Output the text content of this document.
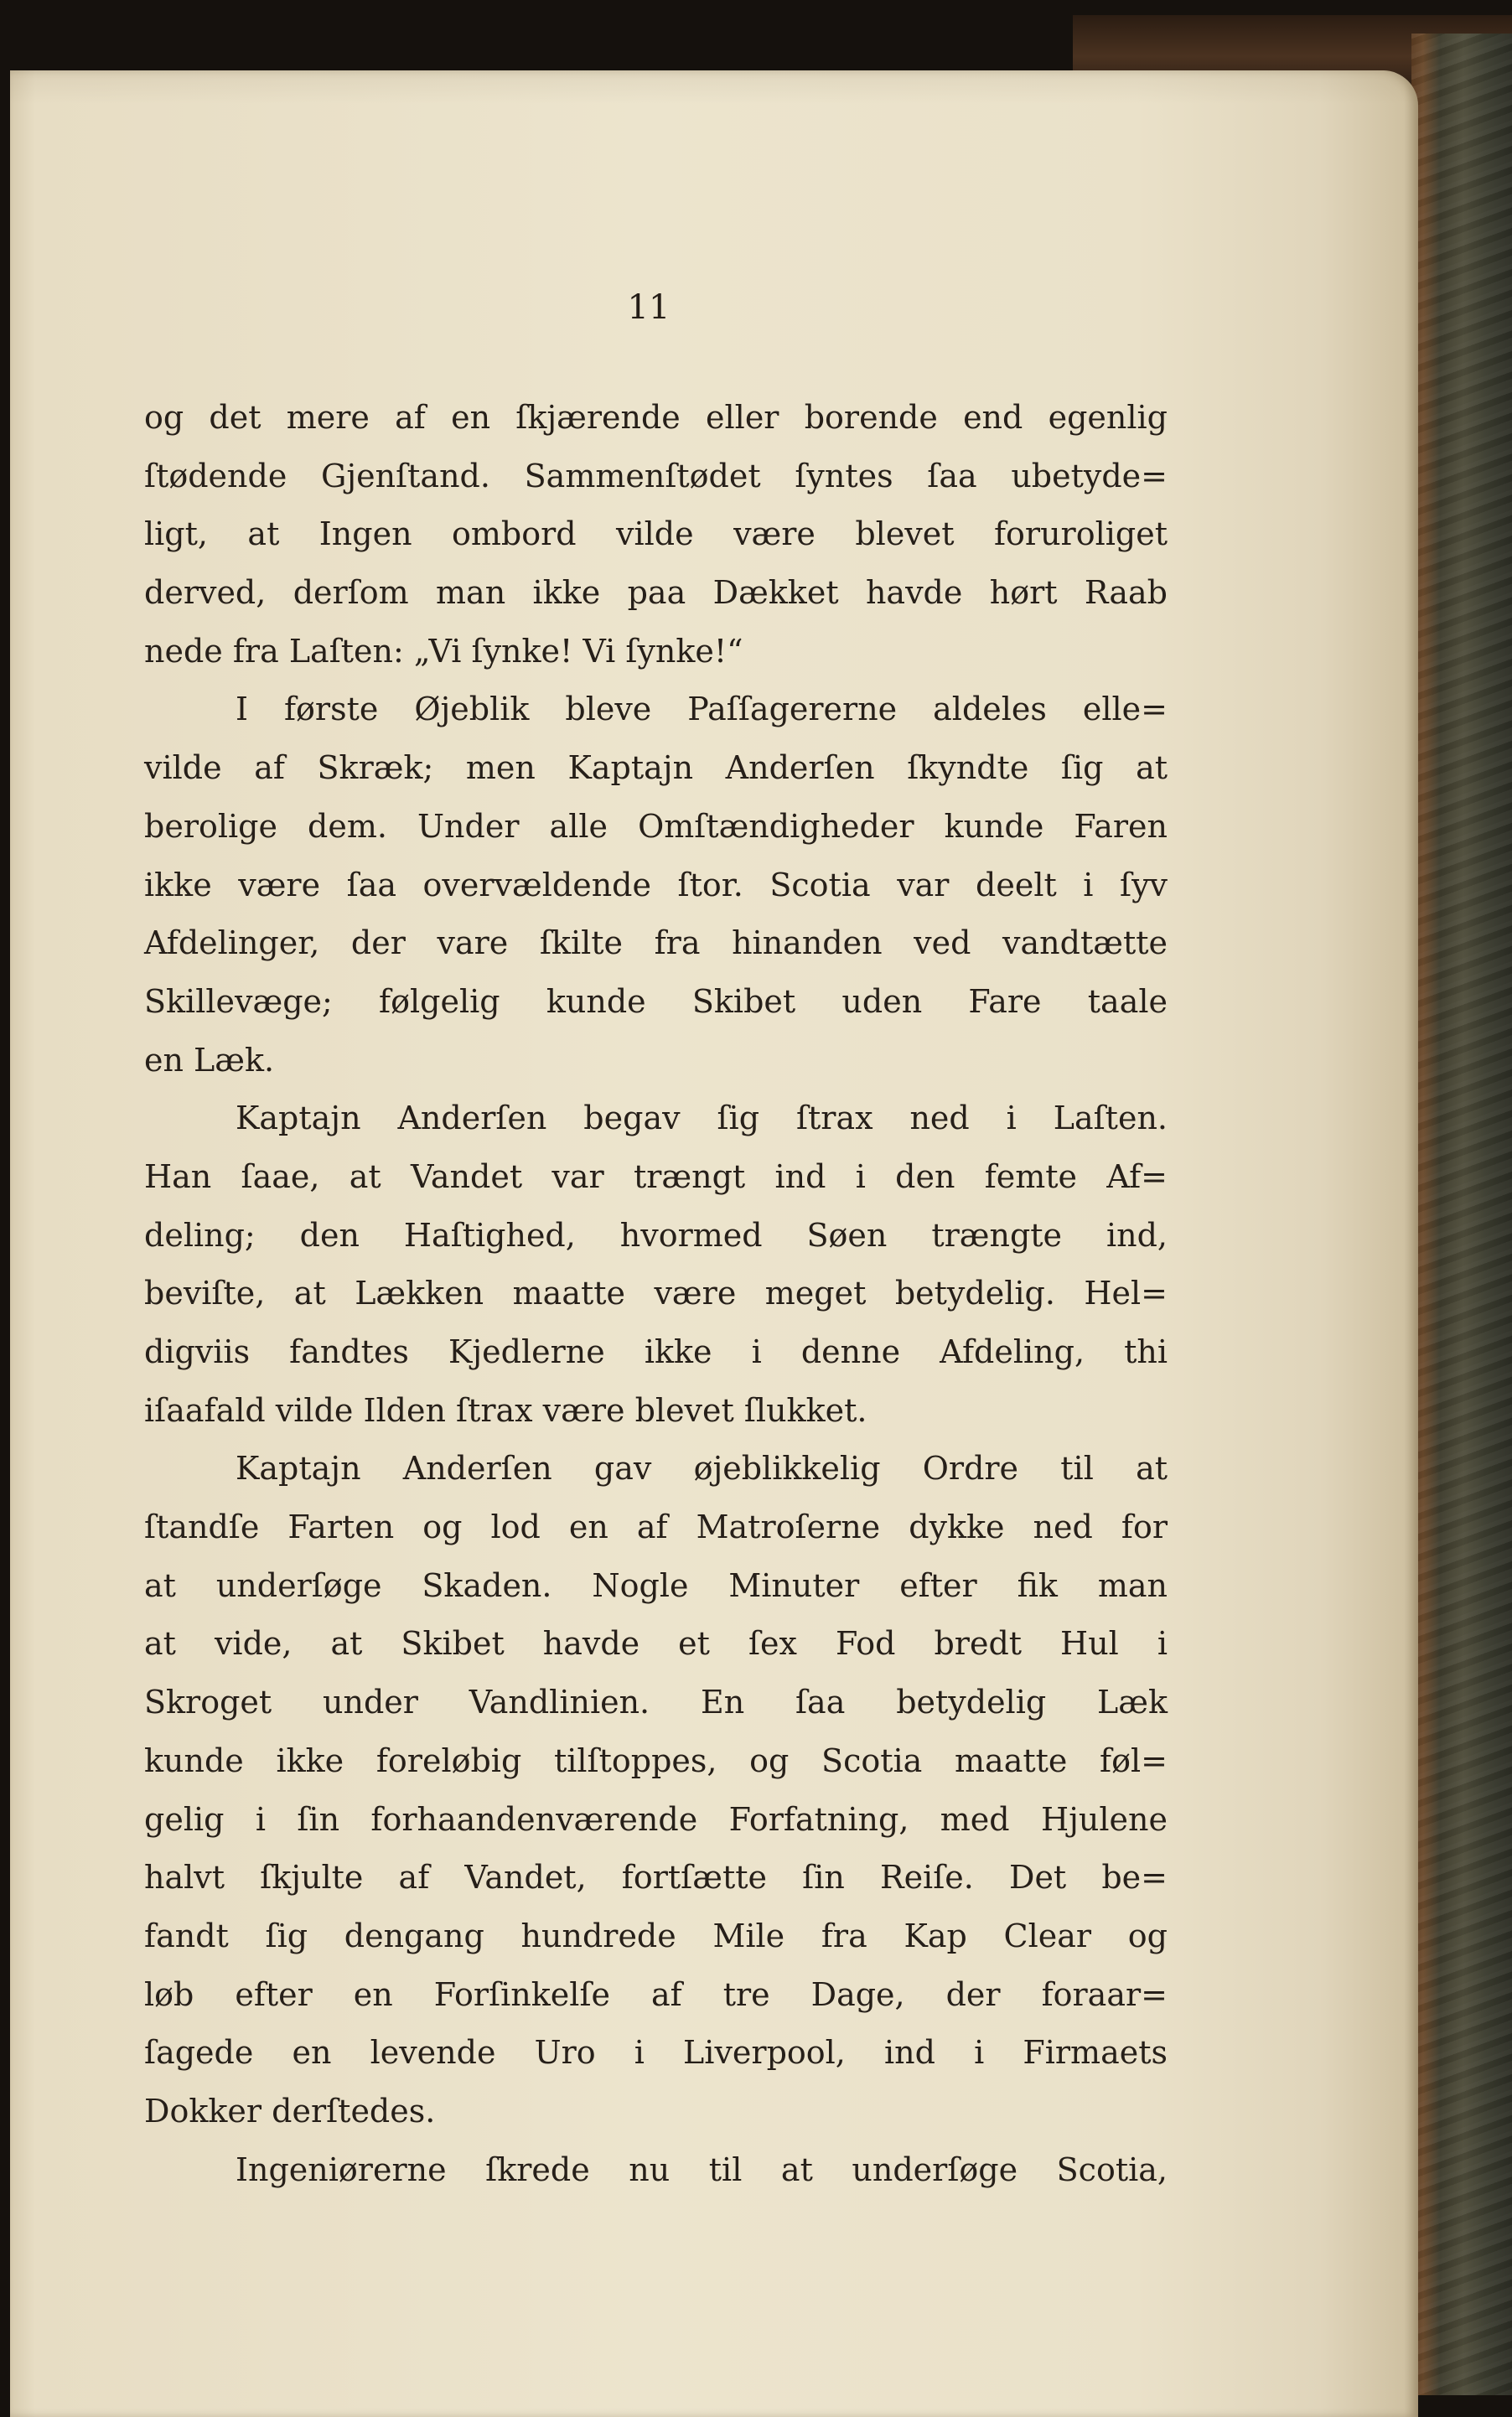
11
og det mere af en ſkjærende eller borende end egenlig
ſtødende Gjenſtand. Sammenſtødet ſyntes ſaa ubetyde=
ligt, at Ingen ombord vilde være blevet foruroliget
derved, derſom man ikke paa Dækket havde hørt Raab
nede fra Laſten: „Vi ſynke! Vi ſynke!“
I første Øjeblik bleve Paſſagererne aldeles elle=
vilde af Skræk; men Kaptajn Anderſen ſkyndte ſig at
berolige dem. Under alle Omſtændigheder kunde Faren
ikke være ſaa overvældende ſtor. Scotia var deelt i ſyv
Afdelinger, der vare ſkilte fra hinanden ved vandtætte
Skillevæge; følgelig kunde Skibet uden Fare taale
en Læk.
Kaptajn Anderſen begav ſig ſtrax ned i Laſten.
Han ſaae, at Vandet var trængt ind i den femte Af=
deling; den Haſtighed, hvormed Søen trængte ind,
beviſte, at Lækken maatte være meget betydelig. Hel=
digviis fandtes Kjedlerne ikke i denne Afdeling, thi
iſaafald vilde Ilden ſtrax være blevet ſlukket.
Kaptajn Anderſen gav øjeblikkelig Ordre til at
ſtandſe Farten og lod en af Matroſerne dykke ned for
at underſøge Skaden. Nogle Minuter efter fik man
at vide, at Skibet havde et ſex Fod bredt Hul i
Skroget under Vandlinien. En ſaa betydelig Læk
kunde ikke foreløbig tilſtoppes, og Scotia maatte føl=
gelig i ſin forhaandenværende Forfatning, med Hjulene
halvt ſkjulte af Vandet, fortſætte ſin Reiſe. Det be=
fandt ſig dengang hundrede Mile fra Kap Clear og
løb efter en Forſinkelſe af tre Dage, der foraar=
ſagede en levende Uro i Liverpool, ind i Firmaets
Dokker derſtedes.
Ingeniørerne ſkrede nu til at underſøge Scotia,
